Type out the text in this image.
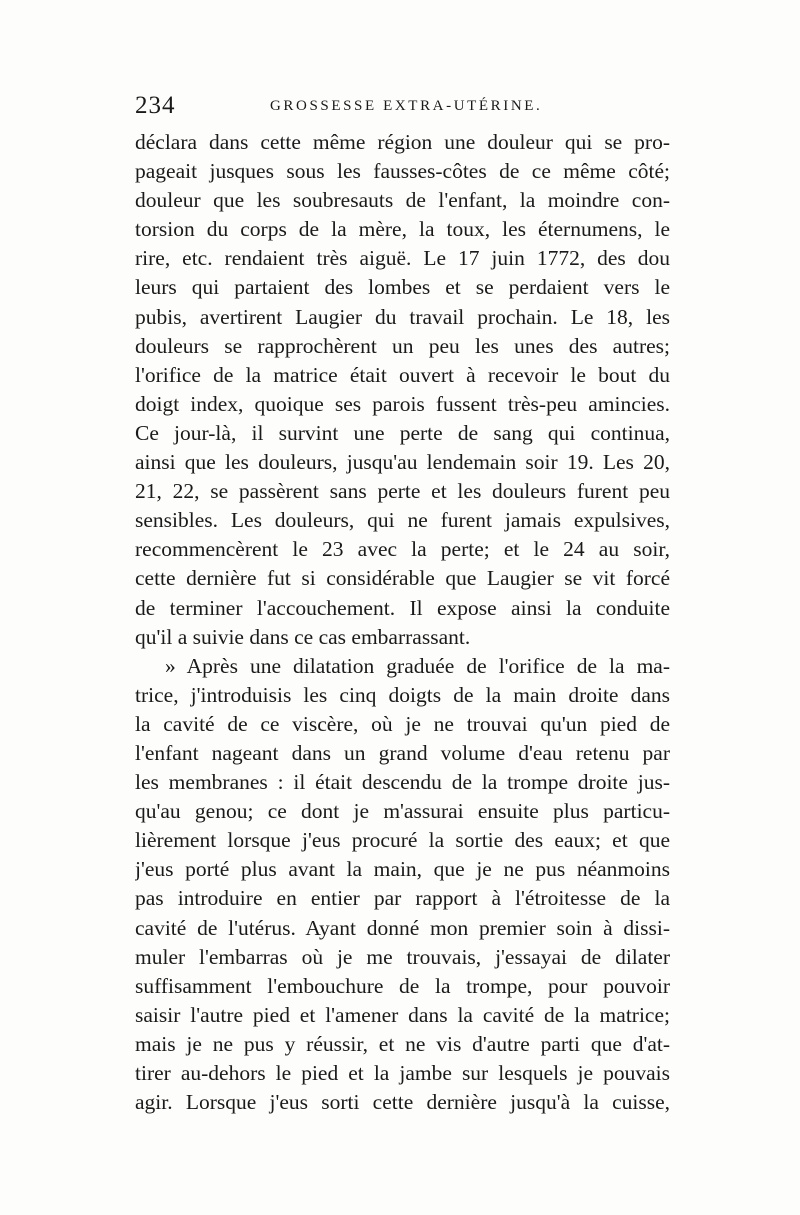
234	GROSSESSE EXTRA-UTÉRINE.
déclara dans cette même région une douleur qui se pro-
pageait jusques sous les fausses-côtes de ce même côté;
douleur que les soubresauts de l'enfant, la moindre con-
torsion du corps de la mère, la toux, les éternumens, le
rire, etc. rendaient très aiguë. Le 17 juin 1772, des dou
leurs qui partaient des lombes et se perdaient vers le
pubis, avertirent Laugier du travail prochain. Le 18, les
douleurs se rapprochèrent un peu les unes des autres;
l'orifice de la matrice était ouvert à recevoir le bout du
doigt index, quoique ses parois fussent très-peu amincies.
Ce jour-là, il survint une perte de sang qui continua,
ainsi que les douleurs, jusqu'au lendemain soir 19. Les 20,
21, 22, se passèrent sans perte et les douleurs furent peu
sensibles. Les douleurs, qui ne furent jamais expulsives,
recommencèrent le 23 avec la perte; et le 24 au soir,
cette dernière fut si considérable que Laugier se vit forcé
de terminer l'accouchement. Il expose ainsi la conduite
qu'il a suivie dans ce cas embarrassant.
» Après une dilatation graduée de l'orifice de la ma-
trice, j'introduisis les cinq doigts de la main droite dans
la cavité de ce viscère, où je ne trouvai qu'un pied de
l'enfant nageant dans un grand volume d'eau retenu par
les membranes : il était descendu de la trompe droite jus-
qu'au genou; ce dont je m'assurai ensuite plus particu-
lièrement lorsque j'eus procuré la sortie des eaux; et que
j'eus porté plus avant la main, que je ne pus néanmoins
pas introduire en entier par rapport à l'étroitesse de la
cavité de l'utérus. Ayant donné mon premier soin à dissi-
muler l'embarras où je me trouvais, j'essayai de dilater
suffisamment l'embouchure de la trompe, pour pouvoir
saisir l'autre pied et l'amener dans la cavité de la matrice;
mais je ne pus y réussir, et ne vis d'autre parti que d'at-
tirer au-dehors le pied et la jambe sur lesquels je pouvais
agir. Lorsque j'eus sorti cette dernière jusqu'à la cuisse,
